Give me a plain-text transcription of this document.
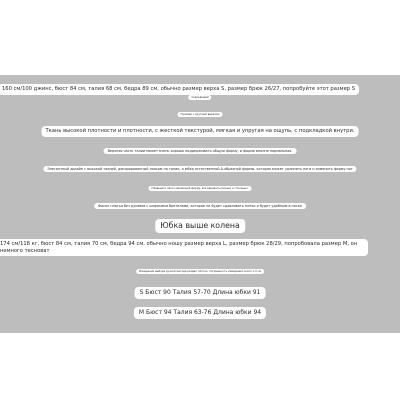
160 см/100 джинс, бюст 84 см, талия 68 см, бедра 89 см, обычно размер верха S, размер брюк 26/27, попробуйте этот размер S
подходящий
Пуловер с круглым вырезом
Ткань высокой плотности и плотности, с жесткой текстурой, мягкая и упругая на ощупь, с подкладкой внутри.
Верхняя часть талии может очень хорошо поддерживать общую форму, и форма вполне нормальная.
Элегантный дизайн с высокой талией, декорированный поясом на талии, а юбка естественной А-образной формы, которая может удлинить ноги и изменить форму ног
Плавный и легко меняющий форму, все варианты разных и стильных.
Фасон платья без рукавов с широкими бретелями, которое не будет сдавливать плечи и будет удобным в носке
Юбка выше колена
174 см/118 кг, бюст 84 см, талия 70 см, бедра 94 см, обычно ношу размер верха L, размер брюк 28/29, попробовала размер М, он немного тесноват
Измерение выбора ручной метода раздел плотно, погрешность измерения около 1-3 см
S Бюст 90 Талия 57-70 Длина юбки 91
M Бюст 94 Талия 63-76 Длина юбки 94
